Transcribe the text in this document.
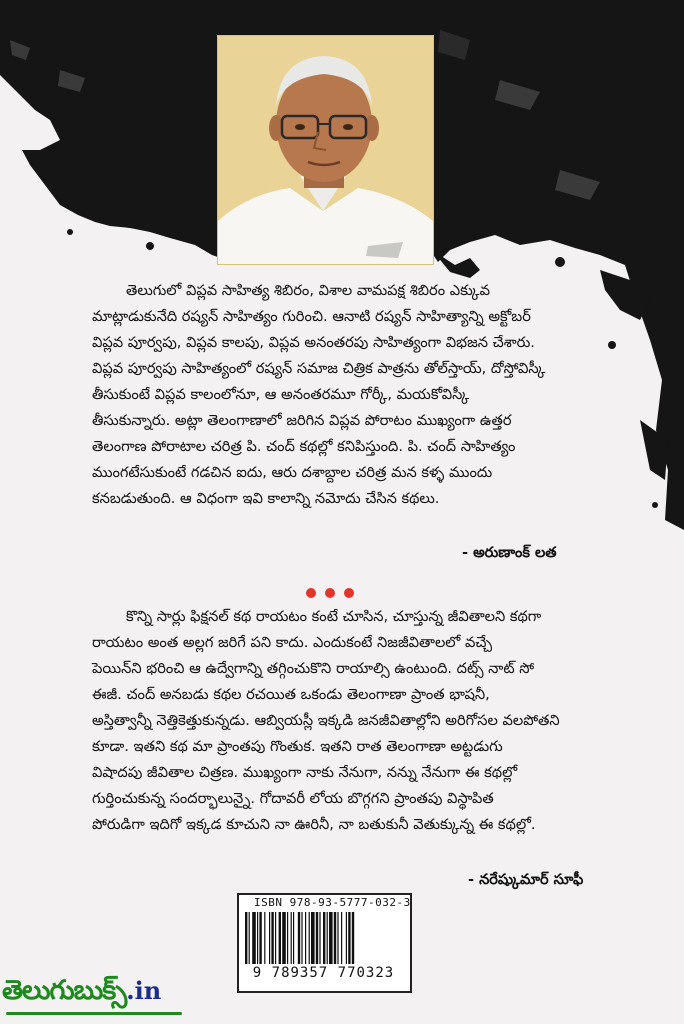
తెలుగులో విప్లవ సాహిత్య శిబిరం, విశాల వామపక్ష శిబిరం ఎక్కువ
మాట్లాడుకునేది రష్యన్ సాహిత్యం గురించి. ఆనాటి రష్యన్ సాహిత్యాన్ని అక్టోబర్
విప్లవ పూర్వపు, విప్లవ కాలపు, విప్లవ అనంతరపు సాహిత్యంగా విభజన చేశారు.
విప్లవ పూర్వపు సాహిత్యంలో రష్యన్ సమాజ చిత్రిక పాత్రను తోల్‌స్తాయ్, దోస్తోవిస్కీ
తీసుకుంటే విప్లవ కాలంలోనూ, ఆ అనంతరమూ గోర్కీ, మయకోవిస్కీ
తీసుకున్నారు. అట్లా తెలంగాణాలో జరిగిన విప్లవ పోరాటం ముఖ్యంగా ఉత్తర
తెలంగాణ పోరాటాల చరిత్ర పి. చంద్ కథల్లో కనిపిస్తుంది. పి. చంద్ సాహిత్యం
ముంగటేసుకుంటే గడచిన ఐదు, ఆరు దశాబ్దాల చరిత్ర మన కళ్ళ ముందు
కనబడుతుంది. ఆ విధంగా ఇవి కాలాన్ని నమోదు చేసిన కథలు.

- అరుణాంక్ లత

కొన్ని సార్లు ఫిక్షనల్ కథ రాయటం కంటే చూసిన, చూస్తున్న జీవితాలని కథగా
రాయటం అంత అల్లగ జరిగే పని కాదు. ఎందుకంటే నిజజీవితాలలో వచ్చే
పెయిన్‌ని భరించి ఆ ఉద్వేగాన్ని తగ్గించుకొని రాయాల్సి ఉంటుంది. దట్స్ నాట్ సో
ఈజీ. చంద్ అనబడు కథల రచయిత ఒకండు తెలంగాణా ప్రాంత భాషనీ,
అస్తిత్వాన్నీ నెత్తికెత్తుకున్నడు. ఆబ్వియస్లీ ఇక్కడి జనజీవితాల్లోని అరిగోసల వలపోతని
కూడా. ఇతని కథ మా ప్రాంతపు గొంతుక. ఇతని రాత తెలంగాణా అట్టడుగు
విషాదపు జీవితాల చిత్రణ. ముఖ్యంగా నాకు నేనుగా, నన్ను నేనుగా ఈ కథల్లో
గుర్తించుకున్న సందర్భాలున్నై. గోదావరీ లోయ బొగ్గగని ప్రాంతపు విస్థాపిత
పోరుడిగా ఇదిగో ఇక్కడ కూచుని నా ఊరినీ, నా బతుకునీ వెతుక్కున్న ఈ కథల్లో.

- నరేష్కుమార్ సూఫీ
ISBN 978-93-5777-032-3
9 789357 770323
తెలుగుబుక్స్ .in
